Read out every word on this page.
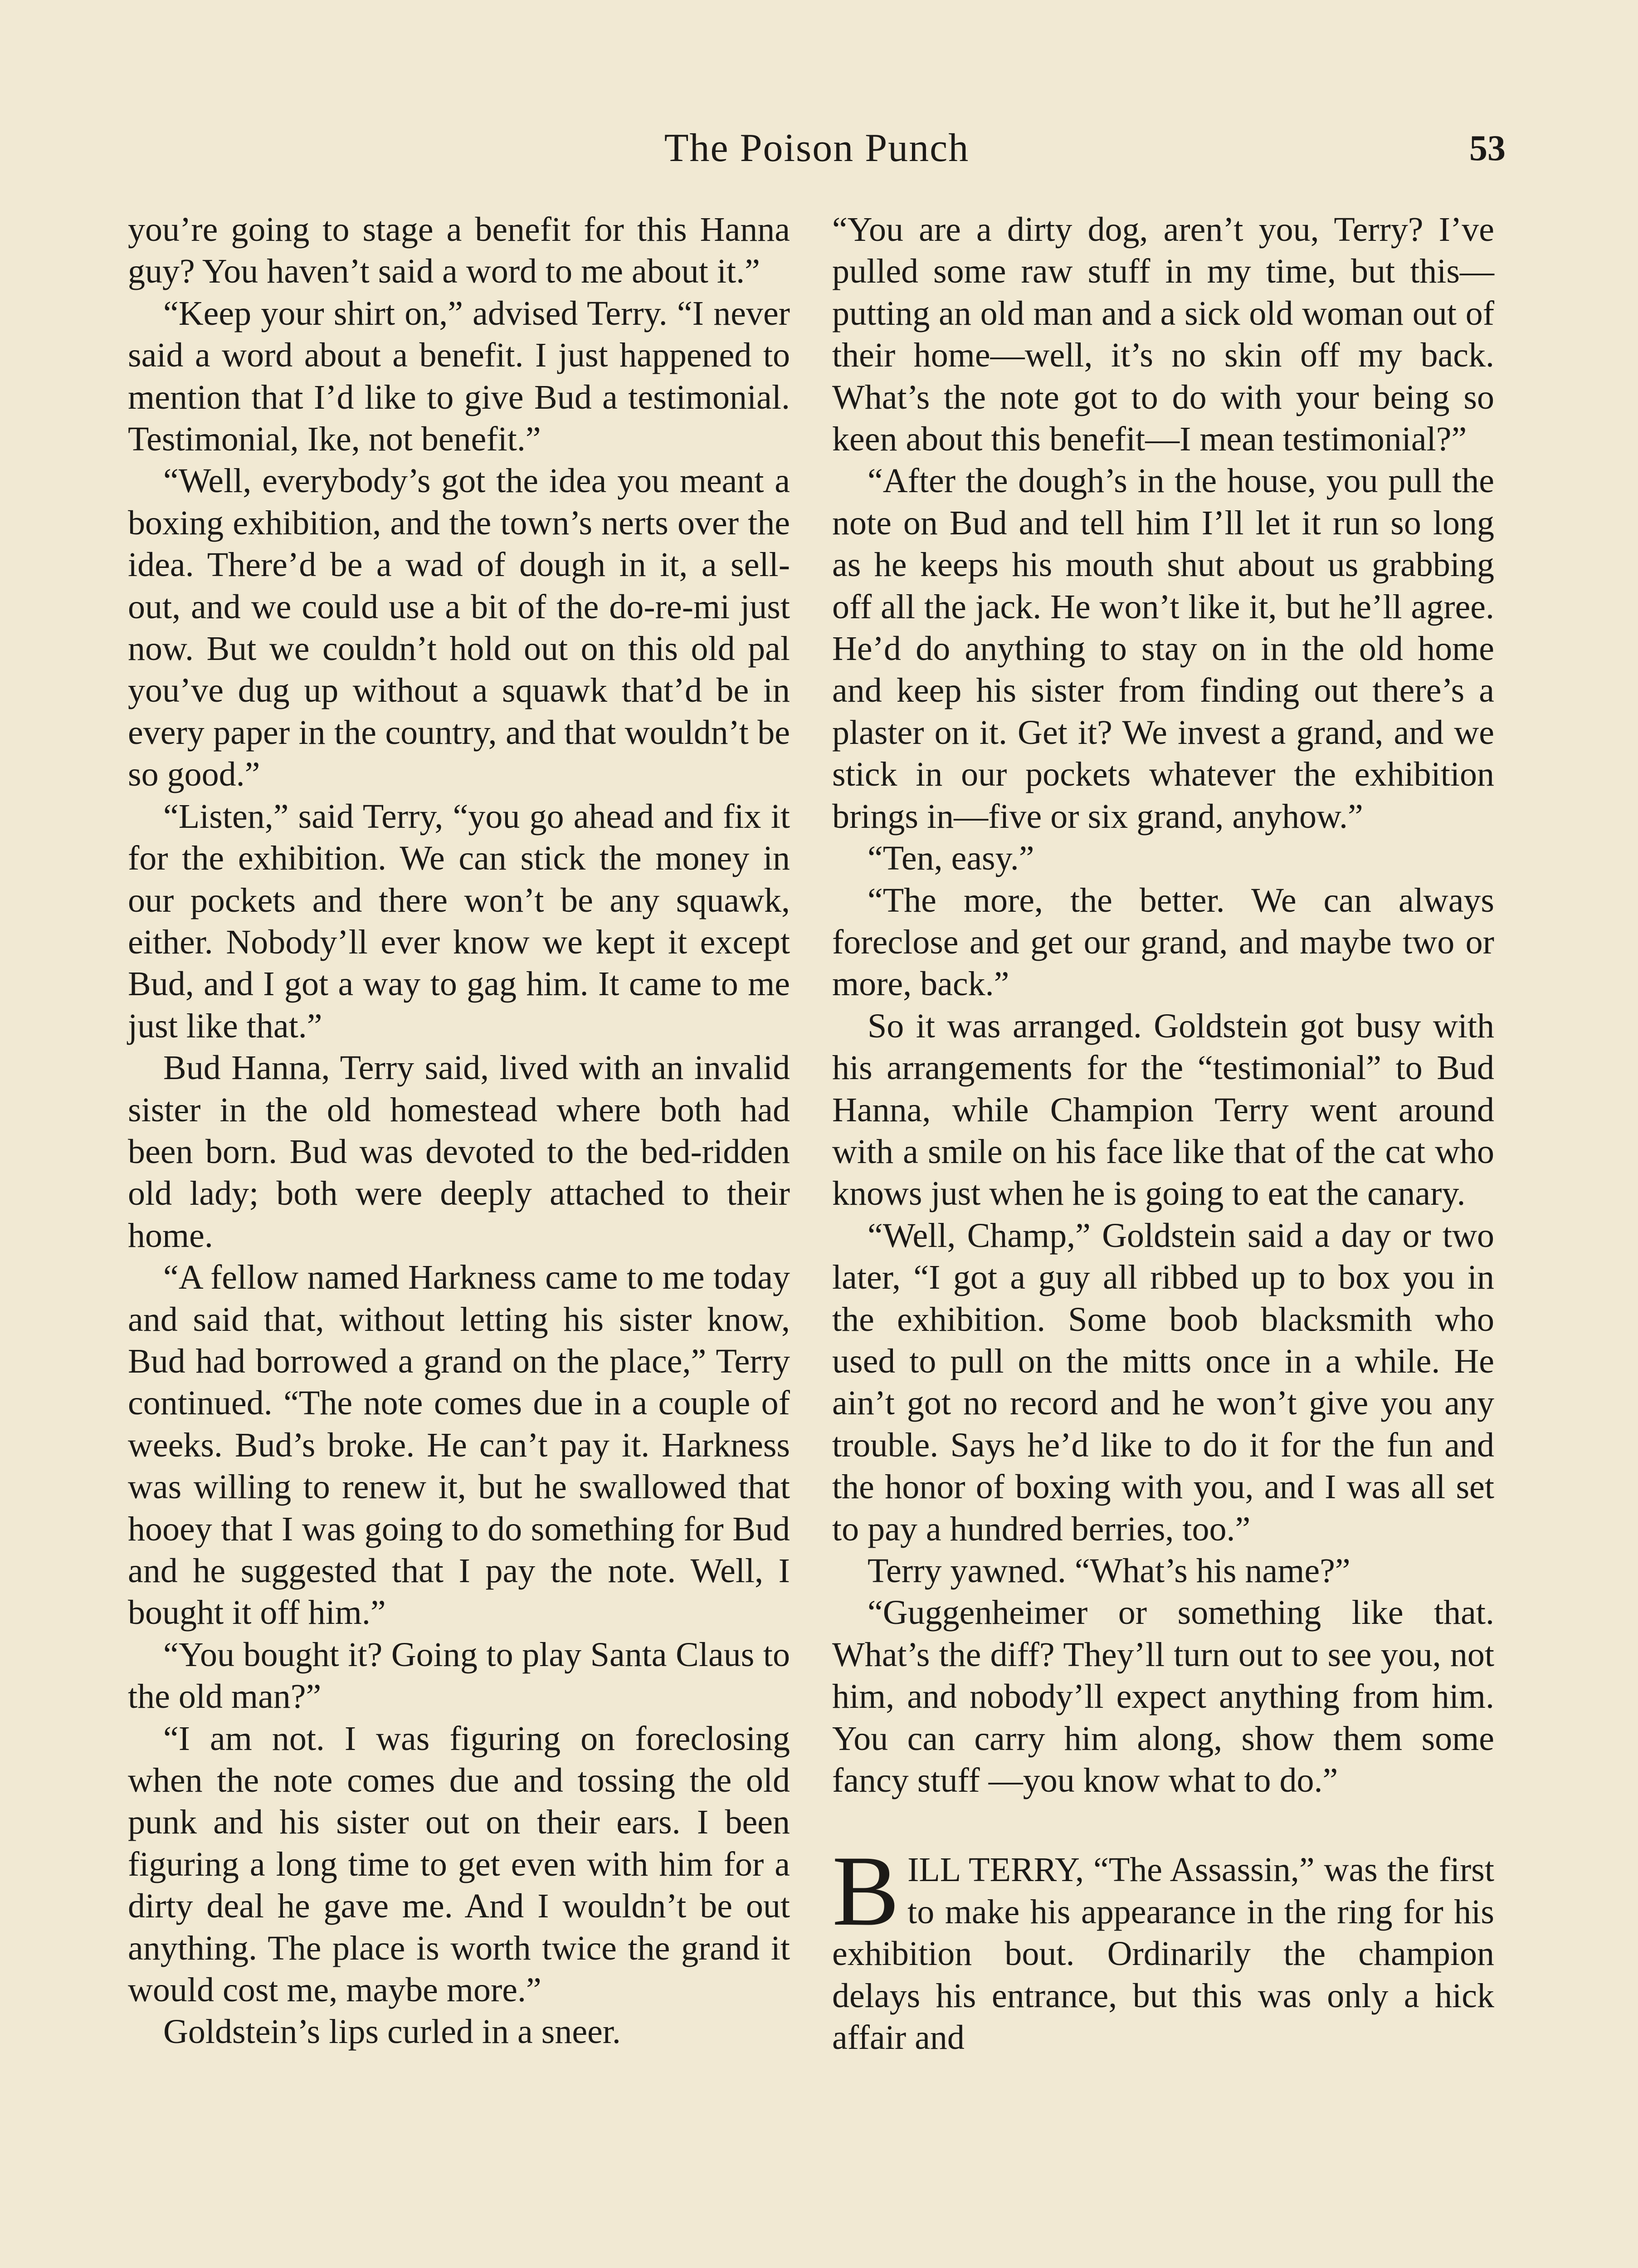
The Poison Punch	53

you’re going to stage a benefit for this Hanna guy? You haven’t said a word to me about it.”

“Keep your shirt on,” advised Terry. “I never said a word about a benefit. I just happened to mention that I’d like to give Bud a testimonial. Testimonial, Ike, not benefit.”

“Well, everybody’s got the idea you meant a boxing exhibition, and the town’s nerts over the idea. There’d be a wad of dough in it, a sell-out, and we could use a bit of the do-re-mi just now. But we couldn’t hold out on this old pal you’ve dug up without a squawk that’d be in every paper in the country, and that wouldn’t be so good.”

“Listen,” said Terry, “you go ahead and fix it for the exhibition. We can stick the money in our pockets and there won’t be any squawk, either. Nobody’ll ever know we kept it except Bud, and I got a way to gag him. It came to me just like that.”

Bud Hanna, Terry said, lived with an invalid sister in the old homestead where both had been born. Bud was devoted to the bed-ridden old lady; both were deeply attached to their home.

“A fellow named Harkness came to me today and said that, without letting his sister know, Bud had borrowed a grand on the place,” Terry continued. “The note comes due in a couple of weeks. Bud’s broke. He can’t pay it. Harkness was willing to renew it, but he swallowed that hooey that I was going to do something for Bud and he suggested that I pay the note. Well, I bought it off him.”

“You bought it? Going to play Santa Claus to the old man?”

“I am not. I was figuring on foreclosing when the note comes due and tossing the old punk and his sister out on their ears. I been figuring a long time to get even with him for a dirty deal he gave me. And I wouldn’t be out anything. The place is worth twice the grand it would cost me, maybe more.”

Goldstein’s lips curled in a sneer.

“You are a dirty dog, aren’t you, Terry? I’ve pulled some raw stuff in my time, but this—putting an old man and a sick old woman out of their home—well, it’s no skin off my back. What’s the note got to do with your being so keen about this benefit—I mean testimonial?”

“After the dough’s in the house, you pull the note on Bud and tell him I’ll let it run so long as he keeps his mouth shut about us grabbing off all the jack. He won’t like it, but he’ll agree. He’d do anything to stay on in the old home and keep his sister from finding out there’s a plaster on it. Get it? We invest a grand, and we stick in our pockets whatever the exhibition brings in—five or six grand, anyhow.”

“Ten, easy.”

“The more, the better. We can always foreclose and get our grand, and maybe two or more, back.”

So it was arranged. Goldstein got busy with his arrangements for the “testimonial” to Bud Hanna, while Champion Terry went around with a smile on his face like that of the cat who knows just when he is going to eat the canary.

“Well, Champ,” Goldstein said a day or two later, “I got a guy all ribbed up to box you in the exhibition. Some boob blacksmith who used to pull on the mitts once in a while. He ain’t got no record and he won’t give you any trouble. Says he’d like to do it for the fun and the honor of boxing with you, and I was all set to pay a hundred berries, too.”

Terry yawned. “What’s his name?”

“Guggenheimer or something like that. What’s the diff? They’ll turn out to see you, not him, and nobody’ll expect anything from him. You can carry him along, show them some fancy stuff —you know what to do.”

BILL TERRY, “The Assassin,” was the first to make his appearance in the ring for his exhibition bout. Ordinarily the champion delays his entrance, but this was only a hick affair and
